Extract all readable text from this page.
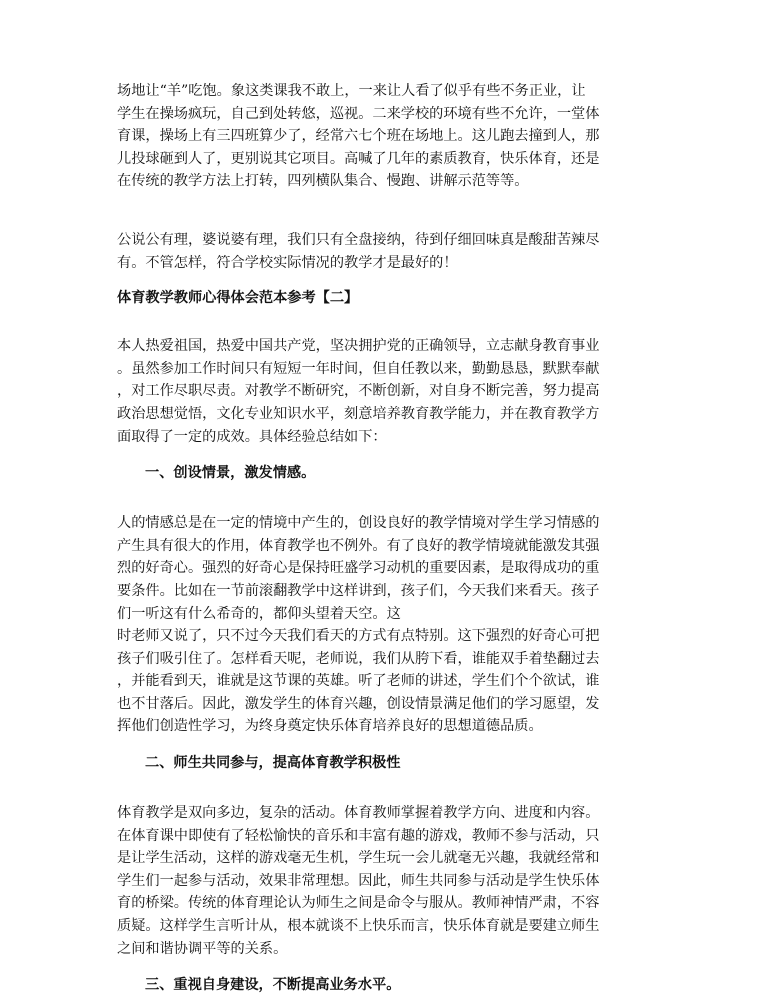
场地让“羊”吃饱。象这类课我不敢上，一来让人看了似乎有些不务正业，让
学生在操场疯玩，自己到处转悠，巡视。二来学校的环境有些不允许，一堂体
育课，操场上有三四班算少了，经常六七个班在场地上。这儿跑去撞到人，那
儿投球砸到人了，更别说其它项目。高喊了几年的素质教育，快乐体育，还是
在传统的教学方法上打转，四列横队集合、慢跑、讲解示范等等。

公说公有理，婆说婆有理，我们只有全盘接纳，待到仔细回味真是酸甜苦辣尽
有。不管怎样，符合学校实际情况的教学才是最好的！

体育教学教师心得体会范本参考【二】

本人热爱祖国，热爱中国共产党，坚决拥护党的正确领导，立志献身教育事业
。虽然参加工作时间只有短短一年时间，但自任教以来，勤勤恳恳，默默奉献
，对工作尽职尽责。对教学不断研究，不断创新，对自身不断完善，努力提高
政治思想觉悟，文化专业知识水平，刻意培养教育教学能力，并在教育教学方
面取得了一定的成效。具体经验总结如下：

一、创设情景，激发情感。

人的情感总是在一定的情境中产生的，创设良好的教学情境对学生学习情感的
产生具有很大的作用，体育教学也不例外。有了良好的教学情境就能激发其强
烈的好奇心。强烈的好奇心是保持旺盛学习动机的重要因素，是取得成功的重
要条件。比如在一节前滚翻教学中这样讲到，孩子们，今天我们来看天。孩子
们一听这有什么希奇的，都仰头望着天空。这
时老师又说了，只不过今天我们看天的方式有点特别。这下强烈的好奇心可把
孩子们吸引住了。怎样看天呢，老师说，我们从胯下看，谁能双手着垫翻过去
，并能看到天，谁就是这节课的英雄。听了老师的讲述，学生们个个欲试，谁
也不甘落后。因此，激发学生的体育兴趣，创设情景满足他们的学习愿望，发
挥他们创造性学习，为终身奠定快乐体育培养良好的思想道德品质。

二、师生共同参与，提高体育教学积极性

体育教学是双向多边，复杂的活动。体育教师掌握着教学方向、进度和内容。
在体育课中即使有了轻松愉快的音乐和丰富有趣的游戏，教师不参与活动，只
是让学生活动，这样的游戏毫无生机，学生玩一会儿就毫无兴趣，我就经常和
学生们一起参与活动，效果非常理想。因此，师生共同参与活动是学生快乐体
育的桥梁。传统的体育理论认为师生之间是命令与服从。教师神情严肃，不容
质疑。这样学生言听计从，根本就谈不上快乐而言，快乐体育就是要建立师生
之间和谐协调平等的关系。

三、重视自身建设，不断提高业务水平。
